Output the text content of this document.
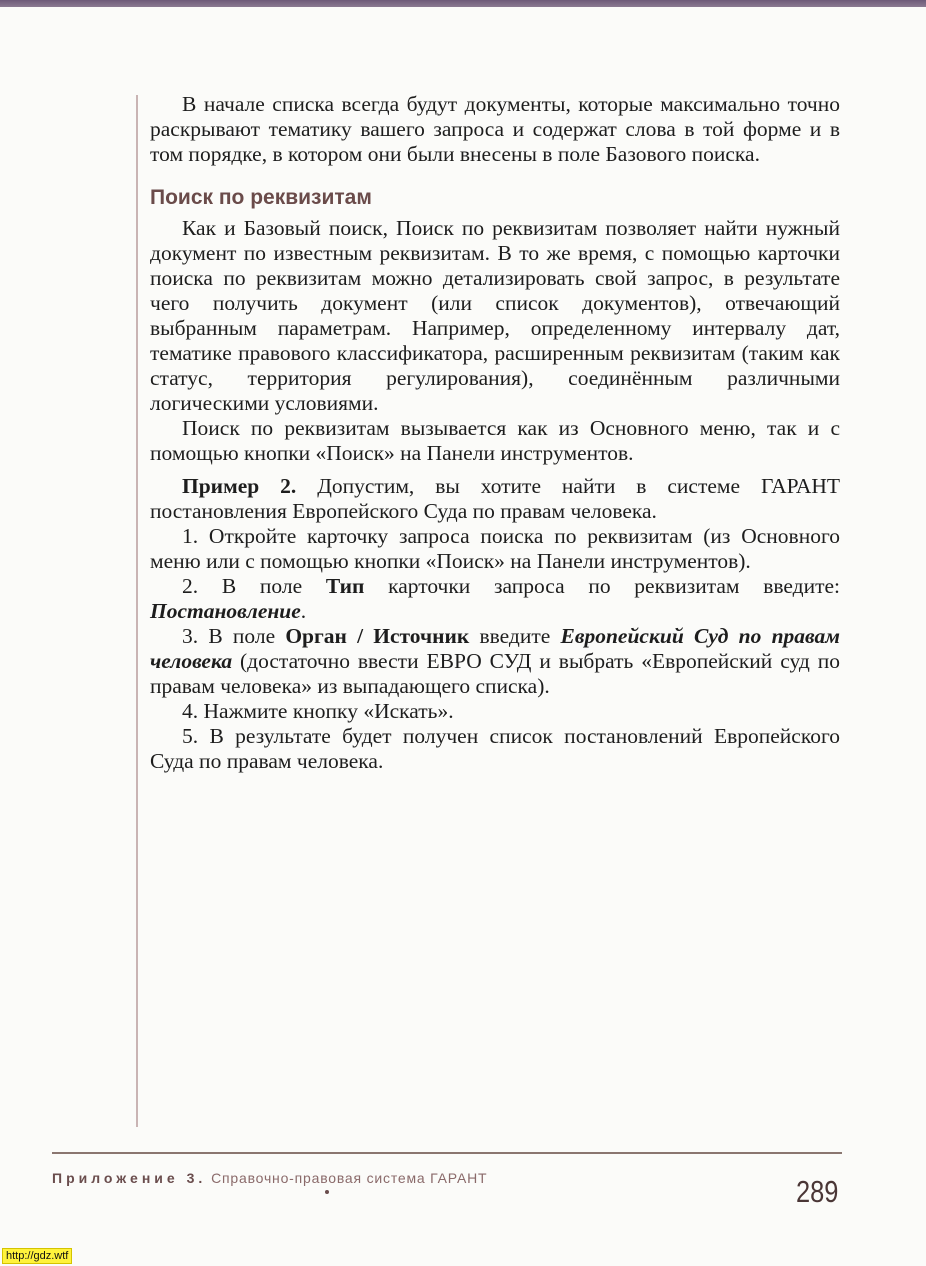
В начале списка всегда будут документы, которые максимально точно раскрывают тематику вашего запроса и содержат слова в той форме и в том порядке, в котором они были внесены в поле Базового поиска.

Поиск по реквизитам

Как и Базовый поиск, Поиск по реквизитам позволяет найти нужный документ по известным реквизитам. В то же время, с помощью карточки поиска по реквизитам можно детализировать свой запрос, в результате чего получить документ (или список документов), отвечающий выбранным параметрам. Например, определенному интервалу дат, тематике правового классификатора, расширенным реквизитам (таким как статус, территория регулирования), соединённым различными логическими условиями.

Поиск по реквизитам вызывается как из Основного меню, так и с помощью кнопки «Поиск» на Панели инструментов.

Пример 2. Допустим, вы хотите найти в системе ГАРАНТ постановления Европейского Суда по правам человека.

1. Откройте карточку запроса поиска по реквизитам (из Основного меню или с помощью кнопки «Поиск» на Панели инструментов).

2. В поле Тип карточки запроса по реквизитам введите: Постановление.

3. В поле Орган / Источник введите Европейский Суд по правам человека (достаточно ввести ЕВРО СУД и выбрать «Европейский суд по правам человека» из выпадающего списка).

4. Нажмите кнопку «Искать».

5. В результате будет получен список постановлений Европейского Суда по правам человека.

Приложение 3. Справочно-правовая система ГАРАНТ	289
http://gdz.wtf
